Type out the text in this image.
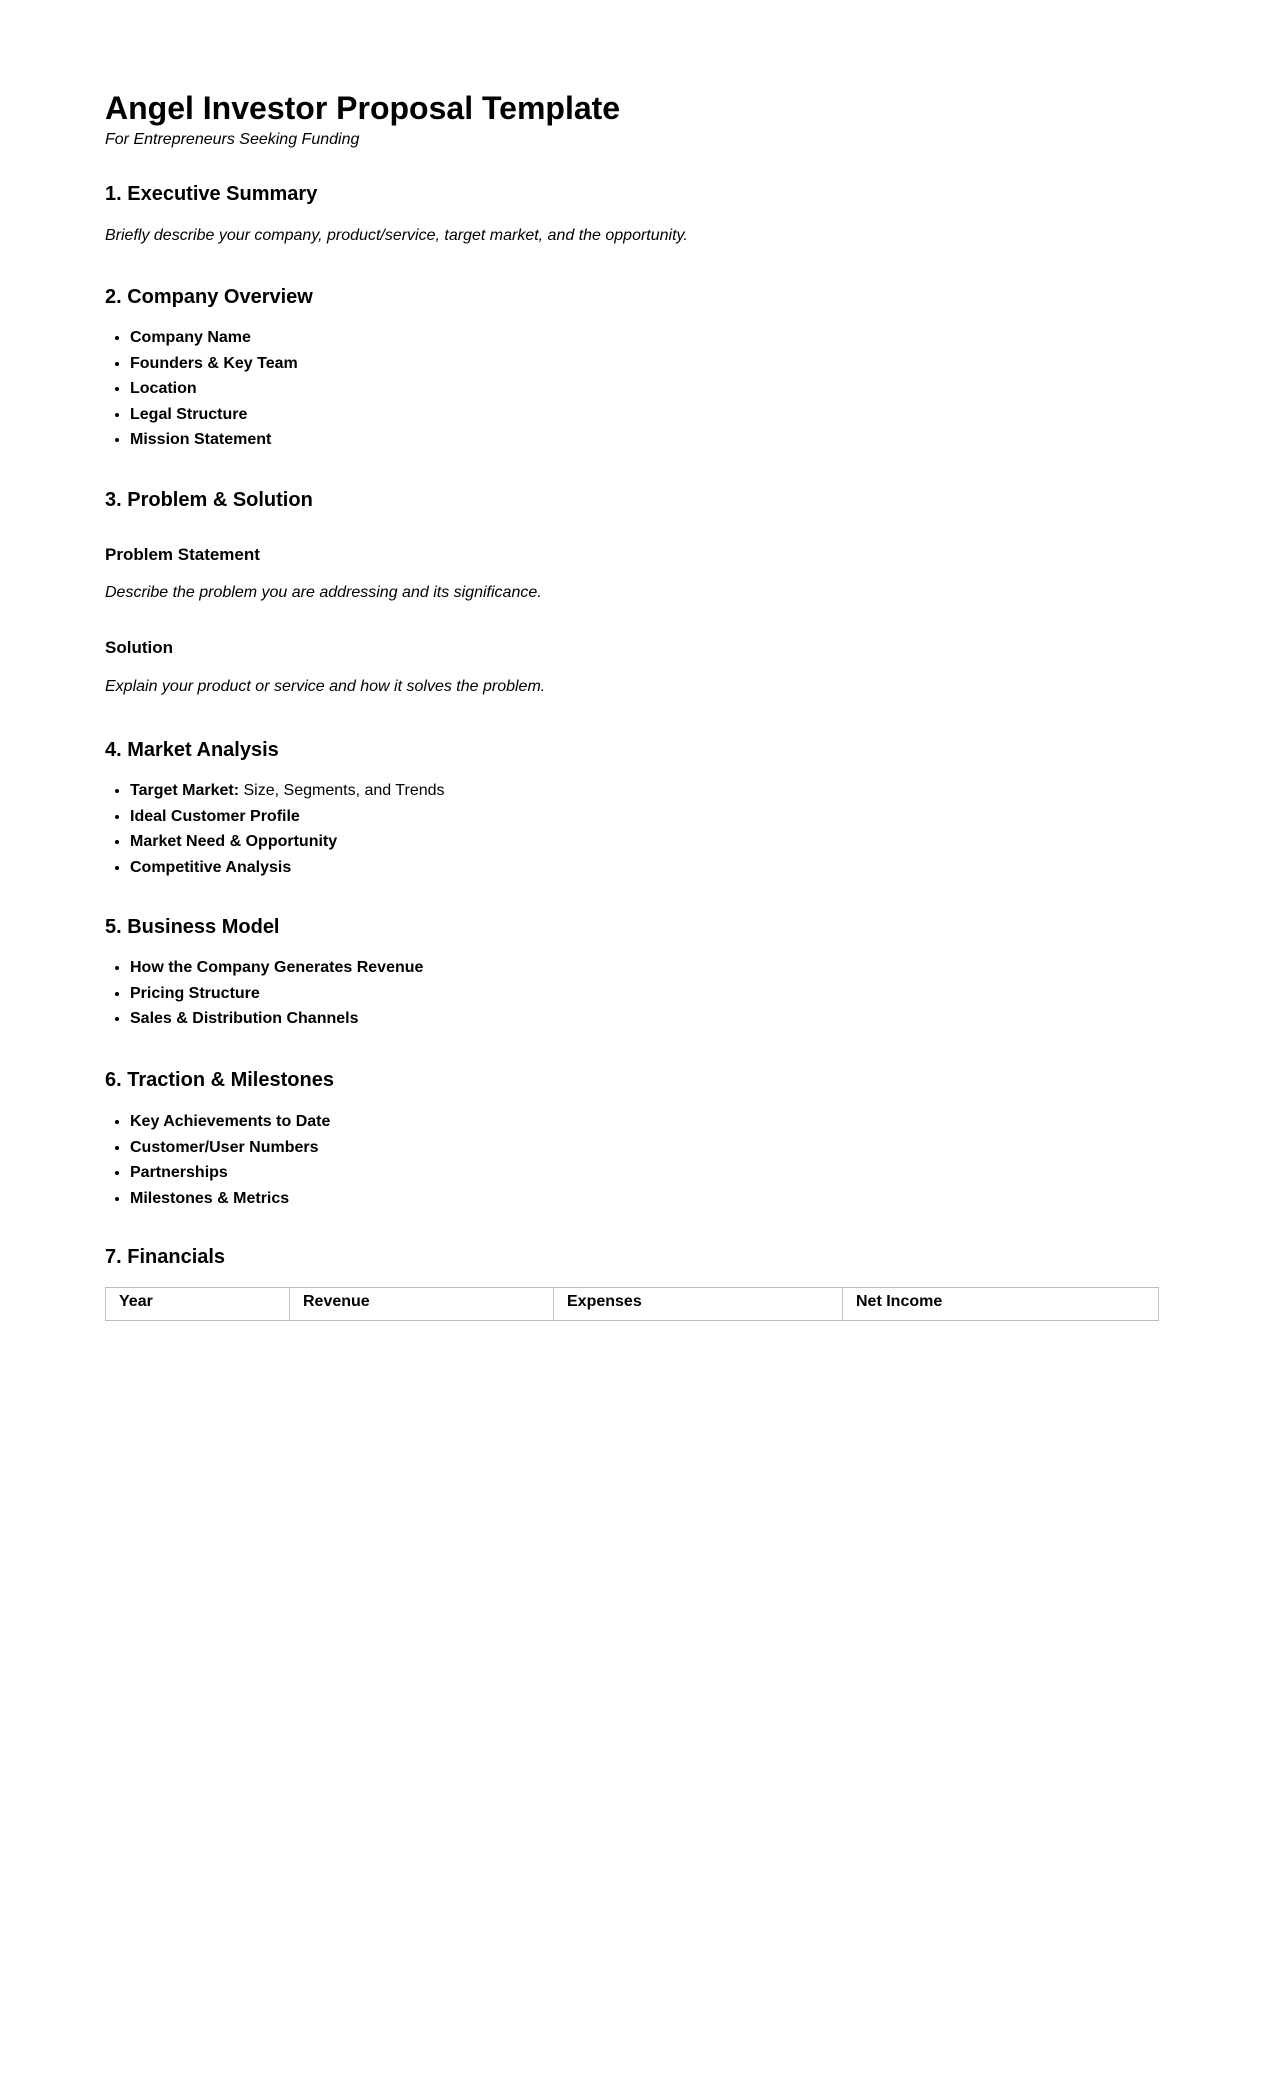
Angel Investor Proposal Template
For Entrepreneurs Seeking Funding
1. Executive Summary

Briefly describe your company, product/service, target market, and the opportunity.

2. Company Overview
• Company Name
• Founders & Key Team
• Location
• Legal Structure
• Mission Statement
3. Problem & Solution
Problem Statement

Describe the problem you are addressing and its significance.

Solution

Explain your product or service and how it solves the problem.

4. Market Analysis
• Target Market: Size, Segments, and Trends
• Ideal Customer Profile
• Market Need & Opportunity
• Competitive Analysis
5. Business Model
• How the Company Generates Revenue
• Pricing Structure
• Sales & Distribution Channels
6. Traction & Milestones
• Key Achievements to Date
• Customer/User Numbers
• Partnerships
• Milestones & Metrics
7. Financials
Year	Revenue	Expenses	Net Income
